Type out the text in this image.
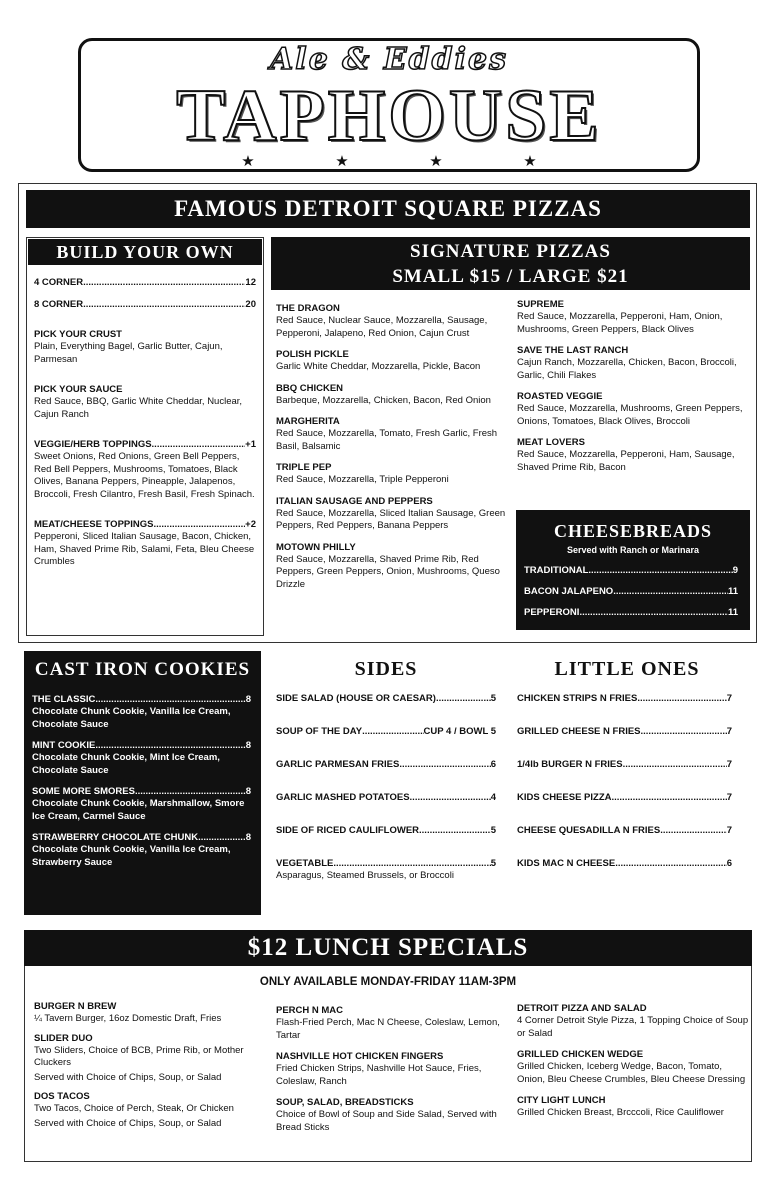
Ale & Eddies
TAPHOUSE
★	★	★	★
FAMOUS DETROIT SQUARE PIZZAS
BUILD YOUR OWN
4 CORNER .....	12
8 CORNER .....	20
PICK YOUR CRUST
Plain, Everything Bagel, Garlic Butter, Cajun, Parmesan
PICK YOUR SAUCE
Red Sauce, BBQ, Garlic White Cheddar, Nuclear, Cajun Ranch
VEGGIE/HERB TOPPINGS .....	+1
Sweet Onions, Red Onions, Green Bell Peppers, Red Bell Peppers, Mushrooms, Tomatoes, Black Olives, Banana Peppers, Pineapple, Jalapenos, Broccoli, Fresh Cilantro, Fresh Basil, Fresh Spinach.
MEAT/CHEESE TOPPINGS .....	+2
Pepperoni, Sliced Italian Sausage, Bacon, Chicken, Ham, Shaved Prime Rib, Salami, Feta, Bleu Cheese Crumbles
SIGNATURE PIZZAS
SMALL $15 / LARGE $21
THE DRAGON
Red Sauce, Nuclear Sauce, Mozzarella, Sausage, Pepperoni, Jalapeno, Red Onion, Cajun Crust
POLISH PICKLE
Garlic White Cheddar, Mozzarella, Pickle, Bacon
BBQ CHICKEN
Barbeque, Mozzarella, Chicken, Bacon, Red Onion
MARGHERITA
Red Sauce, Mozzarella, Tomato, Fresh Garlic, Fresh Basil, Balsamic
TRIPLE PEP
Red Sauce, Mozzarella, Triple Pepperoni
ITALIAN SAUSAGE AND PEPPERS
Red Sauce, Mozzarella, Sliced Italian Sausage, Green Peppers, Red Peppers, Banana Peppers
MOTOWN PHILLY
Red Sauce, Mozzarella, Shaved Prime Rib, Red Peppers, Green Peppers, Onion, Mushrooms, Queso Drizzle
SUPREME
Red Sauce, Mozzarella, Pepperoni, Ham, Onion, Mushrooms, Green Peppers, Black Olives
SAVE THE LAST RANCH
Cajun Ranch, Mozzarella, Chicken, Bacon, Broccoli, Garlic, Chili Flakes
ROASTED VEGGIE
Red Sauce, Mozzarella, Mushrooms, Green Peppers, Onions, Tomatoes, Black Olives, Broccoli
MEAT LOVERS
Red Sauce, Mozzarella, Pepperoni, Ham, Sausage, Shaved Prime Rib, Bacon
CHEESEBREADS
Served with Ranch or Marinara
TRADITIONAL .....	9
BACON JALAPENO .....	11
PEPPERONI .....	11
CAST IRON COOKIES
THE CLASSIC .....	8
Chocolate Chunk Cookie, Vanilla Ice Cream, Chocolate Sauce
MINT COOKIE .....	8
Chocolate Chunk Cookie, Mint Ice Cream, Chocolate Sauce
SOME MORE SMORES .....	8
Chocolate Chunk Cookie, Marshmallow, Smore Ice Cream, Carmel Sauce
STRAWBERRY CHOCOLATE CHUNK .....	8
Chocolate Chunk Cookie, Vanilla Ice Cream, Strawberry Sauce
SIDES
SIDE SALAD (HOUSE OR CAESAR) .....	5
SOUP OF THE DAY .....	CUP 4 / BOWL 5
GARLIC PARMESAN FRIES .....	6
GARLIC MASHED POTATOES .....	4
SIDE OF RICED CAULIFLOWER .....	5
VEGETABLE .....	5
Asparagus, Steamed Brussels, or Broccoli
LITTLE ONES
CHICKEN STRIPS N FRIES .....	7
GRILLED CHEESE N FRIES .....	7
1/4lb BURGER N FRIES .....	7
KIDS CHEESE PIZZA .....	7
CHEESE QUESADILLA N FRIES .....	7
KIDS MAC N CHEESE .....	6
$12 LUNCH SPECIALS
ONLY AVAILABLE MONDAY-FRIDAY 11AM-3PM
BURGER N BREW
¼ Tavern Burger, 16oz Domestic Draft, Fries
SLIDER DUO
Two Sliders, Choice of BCB, Prime Rib, or Mother Cluckers
Served with Choice of Chips, Soup, or Salad
DOS TACOS
Two Tacos, Choice of Perch, Steak, Or Chicken
Served with Choice of Chips, Soup, or Salad
PERCH N MAC
Flash-Fried Perch, Mac N Cheese, Coleslaw, Lemon, Tartar
NASHVILLE HOT CHICKEN FINGERS
Fried Chicken Strips, Nashville Hot Sauce, Fries, Coleslaw, Ranch
SOUP, SALAD, BREADSTICKS
Choice of Bowl of Soup and Side Salad, Served with Bread Sticks
DETROIT PIZZA AND SALAD
4 Corner Detroit Style Pizza, 1 Topping Choice of Soup or Salad
GRILLED CHICKEN WEDGE
Grilled Chicken, Iceberg Wedge, Bacon, Tomato, Onion, Bleu Cheese Crumbles, Bleu Cheese Dressing
CITY LIGHT LUNCH
Grilled Chicken Breast, Brcccoli, Rice Cauliflower
